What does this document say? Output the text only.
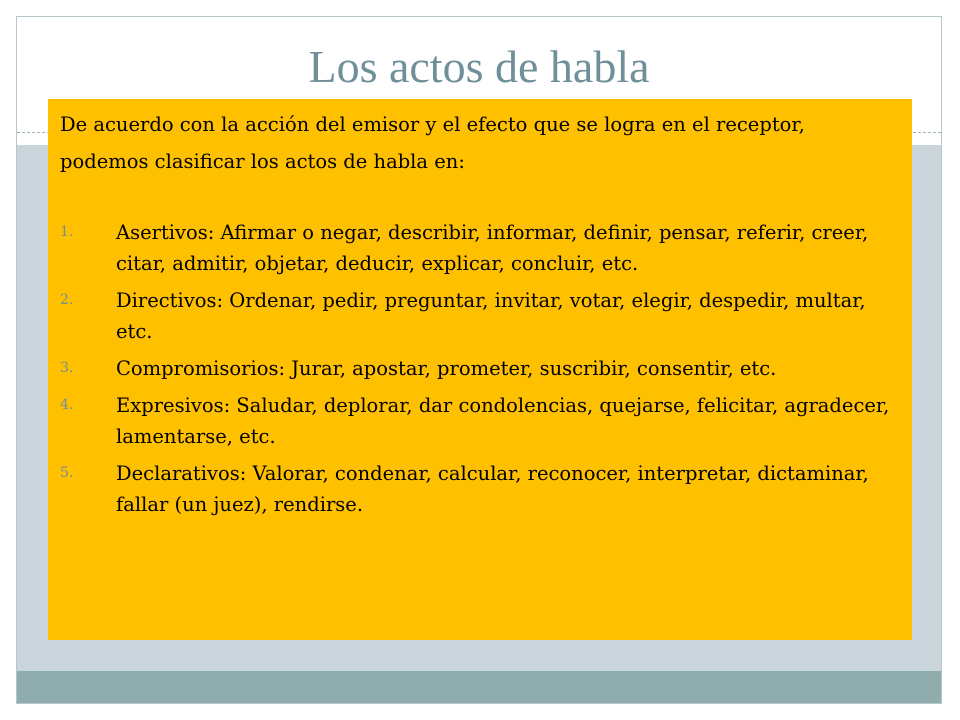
Los actos de habla

De acuerdo con la acción del emisor y el efecto que se logra en el receptor,

podemos clasificar los actos de habla en:

1.	Asertivos: Afirmar o negar, describir, informar, definir, pensar, referir, creer, citar, admitir, objetar, deducir, explicar, concluir, etc.
2.	Directivos: Ordenar, pedir, preguntar, invitar, votar, elegir, despedir, multar, etc.
3.	Compromisorios: Jurar, apostar, prometer, suscribir, consentir, etc.
4.	Expresivos: Saludar, deplorar, dar condolencias, quejarse, felicitar, agradecer, lamentarse, etc.
5.	Declarativos: Valorar, condenar, calcular, reconocer, interpretar, dictaminar, fallar (un juez), rendirse.
